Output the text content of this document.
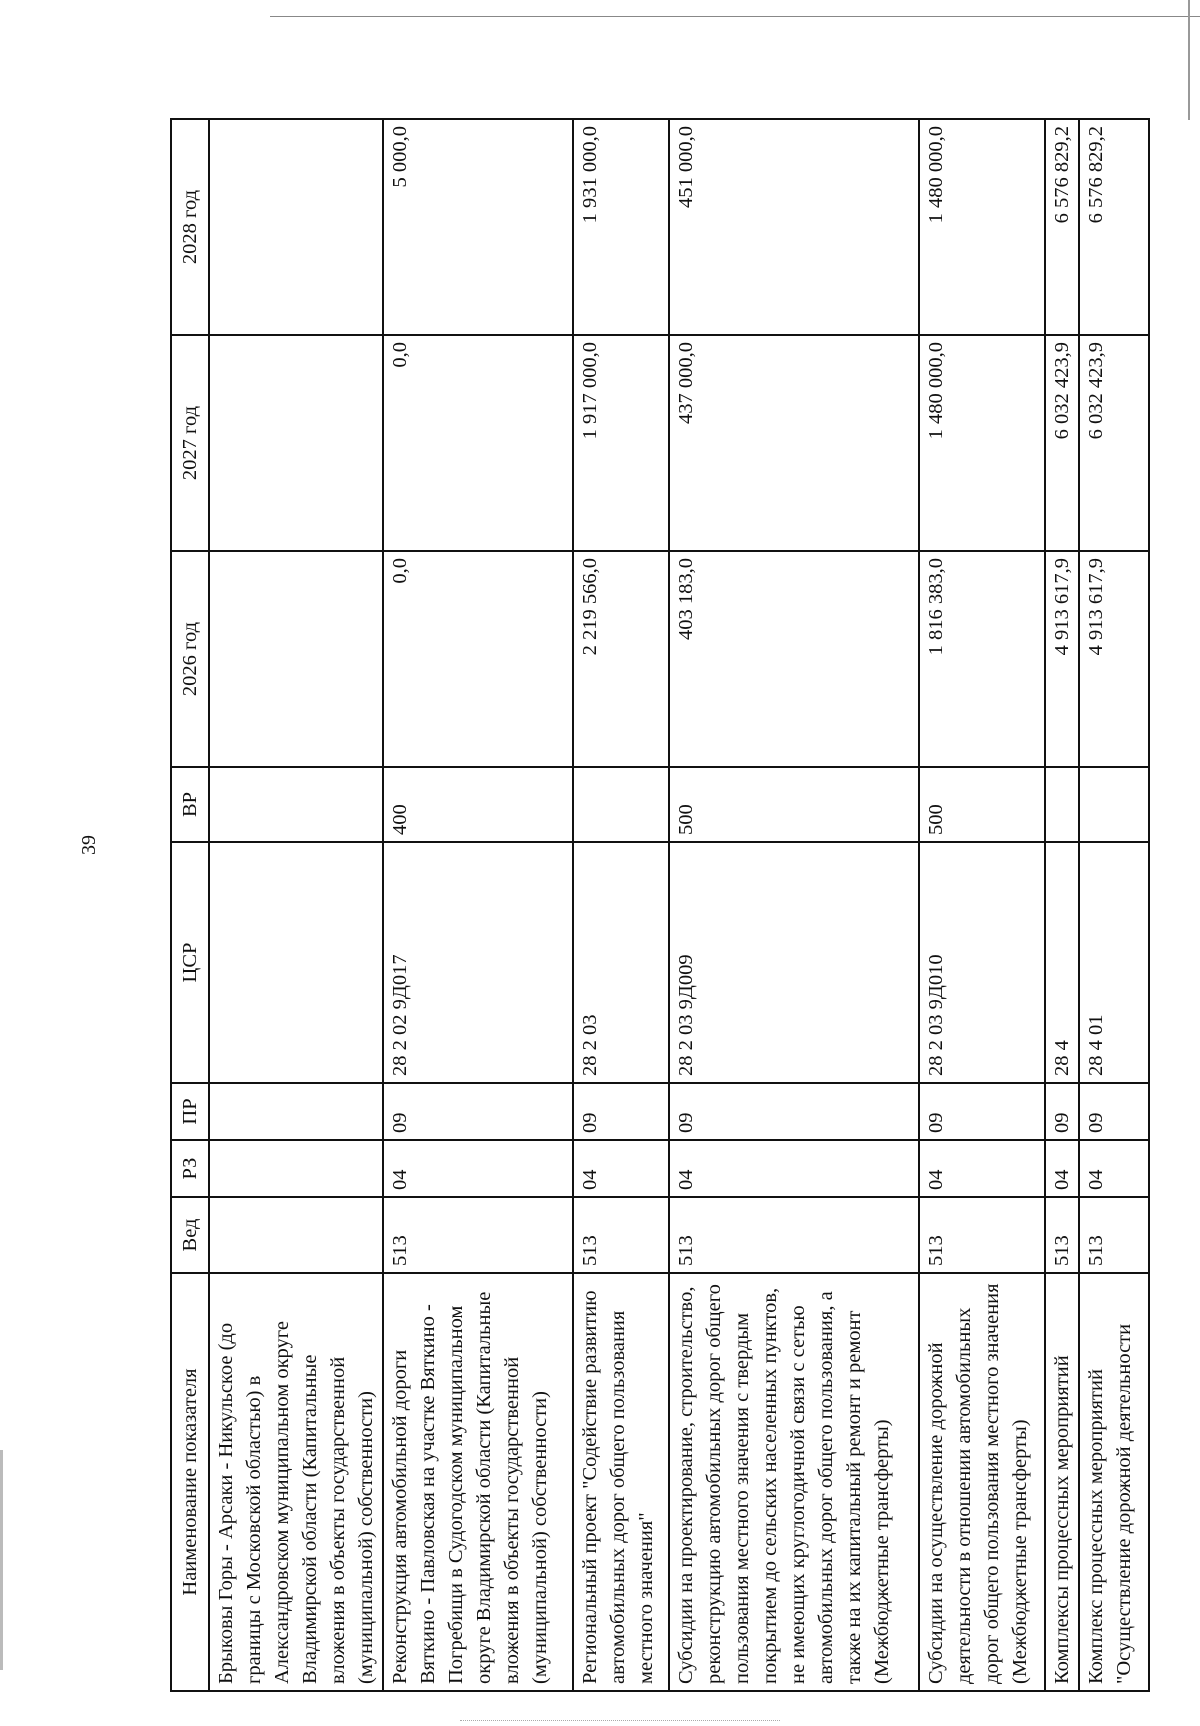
39
Наименование показателя	Вед	РЗ	ПР	ЦСР	ВР	2026 год	2027 год	2028 год
Брыковы Горы - Арсаки - Никульское (до границы с Московской областью) в Александровском муниципальном округе Владимирской области (Капитальные вложения в объекты государственной (муниципальной) собственности)								
Реконструкция автомобильной дороги Вяткино - Павловская на участке Вяткино - Погребищи в Судогодском муниципальном округе Владимирской области (Капитальные вложения в объекты государственной (муниципальной) собственности)	513	04	09	28 2 02 9Д017	400	0,0	0,0	5 000,0
Региональный проект "Содействие развитию автомобильных дорог общего пользования местного значения"	513	04	09	28 2 03		2 219 566,0	1 917 000,0	1 931 000,0
Субсидии на проектирование, строительство, реконструкцию автомобильных дорог общего пользования местного значения с твердым покрытием до сельских населенных пунктов, не имеющих круглогодичной связи с сетью автомобильных дорог общего пользования, а также на их капитальный ремонт и ремонт (Межбюджетные трансферты)	513	04	09	28 2 03 9Д009	500	403 183,0	437 000,0	451 000,0
Субсидии на осуществление дорожной деятельности в отношении автомобильных дорог общего пользования местного значения (Межбюджетные трансферты)	513	04	09	28 2 03 9Д010	500	1 816 383,0	1 480 000,0	1 480 000,0
Комплексы процессных мероприятий	513	04	09	28 4		4 913 617,9	6 032 423,9	6 576 829,2
Комплекс процессных мероприятий "Осуществление дорожной деятельности	513	04	09	28 4 01		4 913 617,9	6 032 423,9	6 576 829,2
